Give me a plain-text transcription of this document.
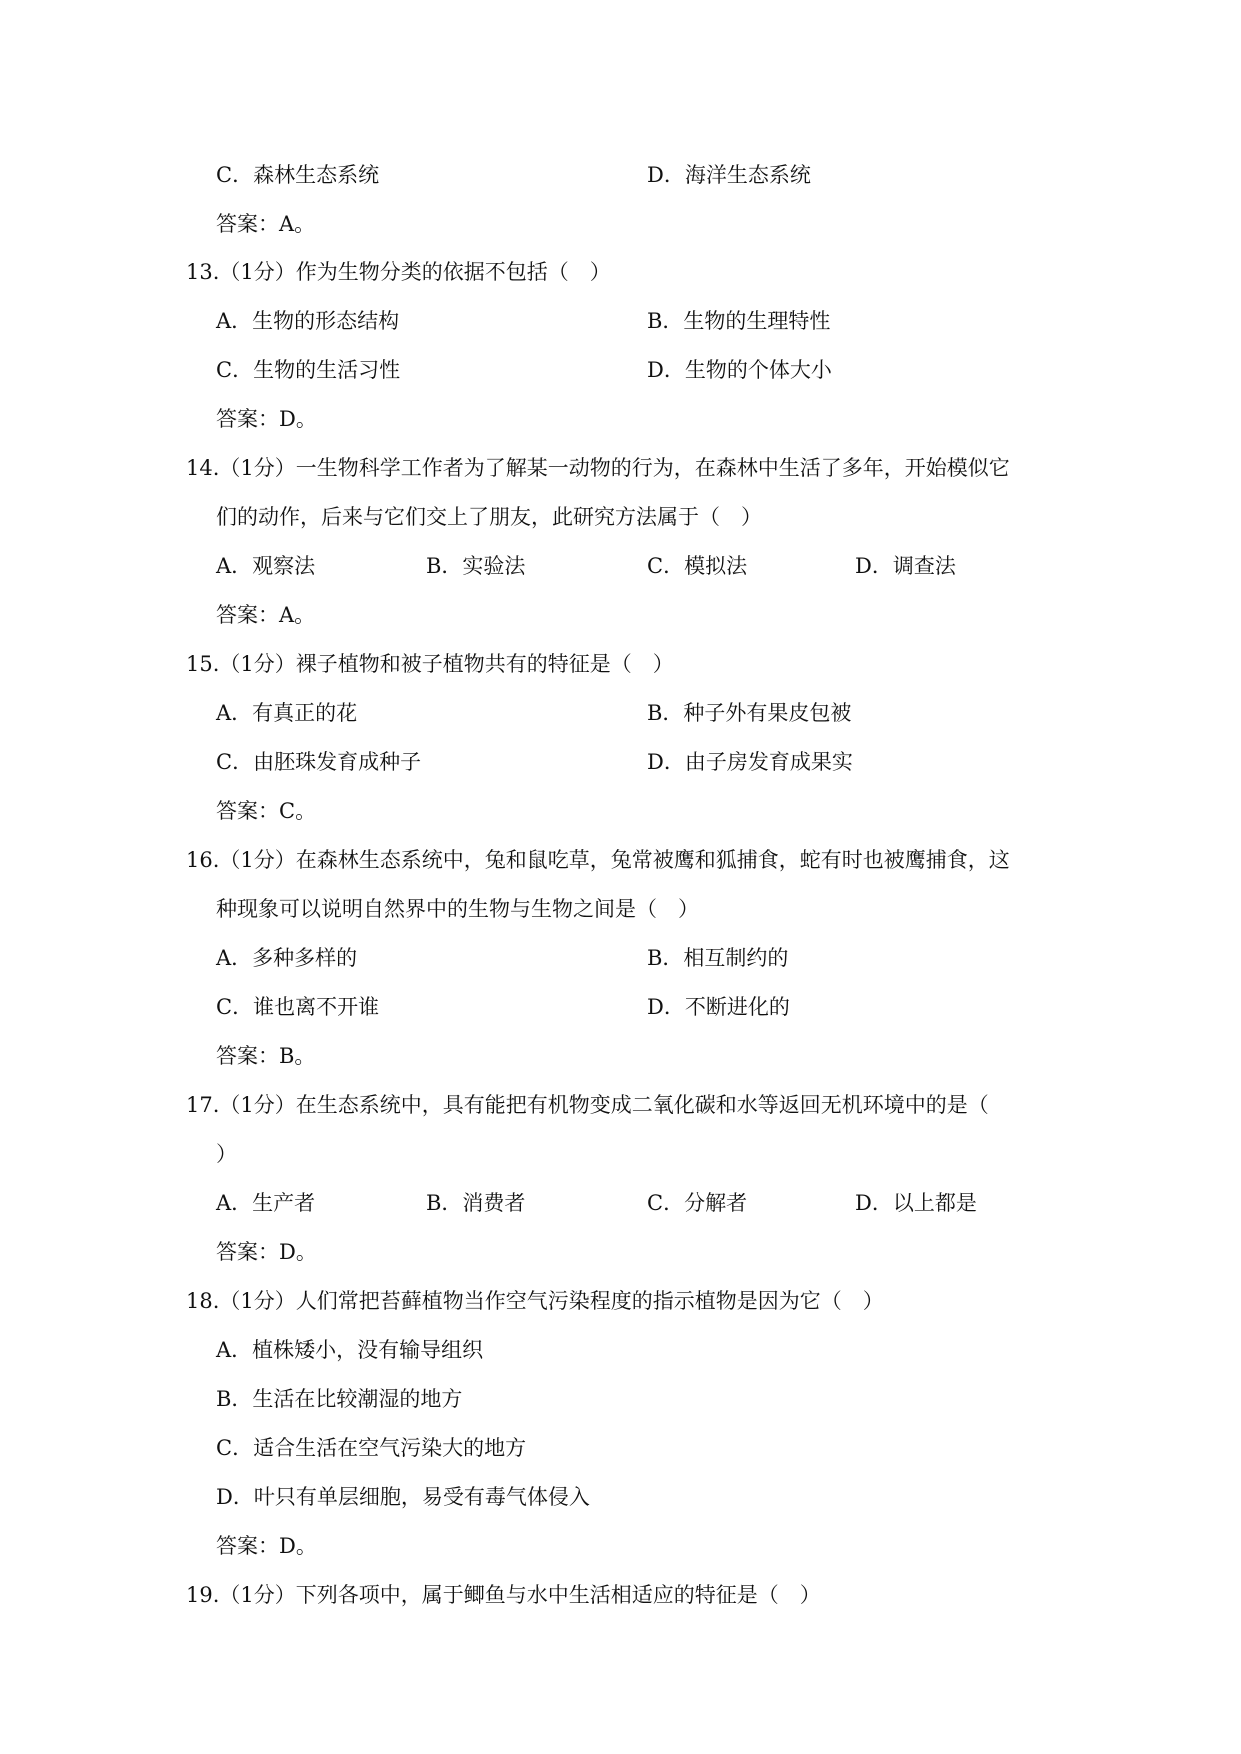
C．森林生态系统	D．海洋生态系统
答案：A。
13.（1分）作为生物分类的依据不包括（　）
A．生物的形态结构	B．生物的生理特性
C．生物的生活习性	D．生物的个体大小
答案：D。
14.（1分）一生物科学工作者为了解某一动物的行为，在森林中生活了多年，开始模似它
们的动作，后来与它们交上了朋友，此研究方法属于（　）
A．观察法	B．实验法	C．模拟法	D．调查法
答案：A。
15.（1分）裸子植物和被子植物共有的特征是（　）
A．有真正的花	B．种子外有果皮包被
C．由胚珠发育成种子	D．由子房发育成果实
答案：C。
16.（1分）在森林生态系统中，兔和鼠吃草，兔常被鹰和狐捕食，蛇有时也被鹰捕食，这
种现象可以说明自然界中的生物与生物之间是（　）
A．多种多样的	B．相互制约的
C．谁也离不开谁	D．不断进化的
答案：B。
17.（1分）在生态系统中，具有能把有机物变成二氧化碳和水等返回无机环境中的是（
）
A．生产者	B．消费者	C．分解者	D．以上都是
答案：D。
18.（1分）人们常把苔藓植物当作空气污染程度的指示植物是因为它（　）
A．植株矮小，没有输导组织
B．生活在比较潮湿的地方
C．适合生活在空气污染大的地方
D．叶只有单层细胞，易受有毒气体侵入
答案：D。
19.（1分）下列各项中，属于鲫鱼与水中生活相适应的特征是（　）
